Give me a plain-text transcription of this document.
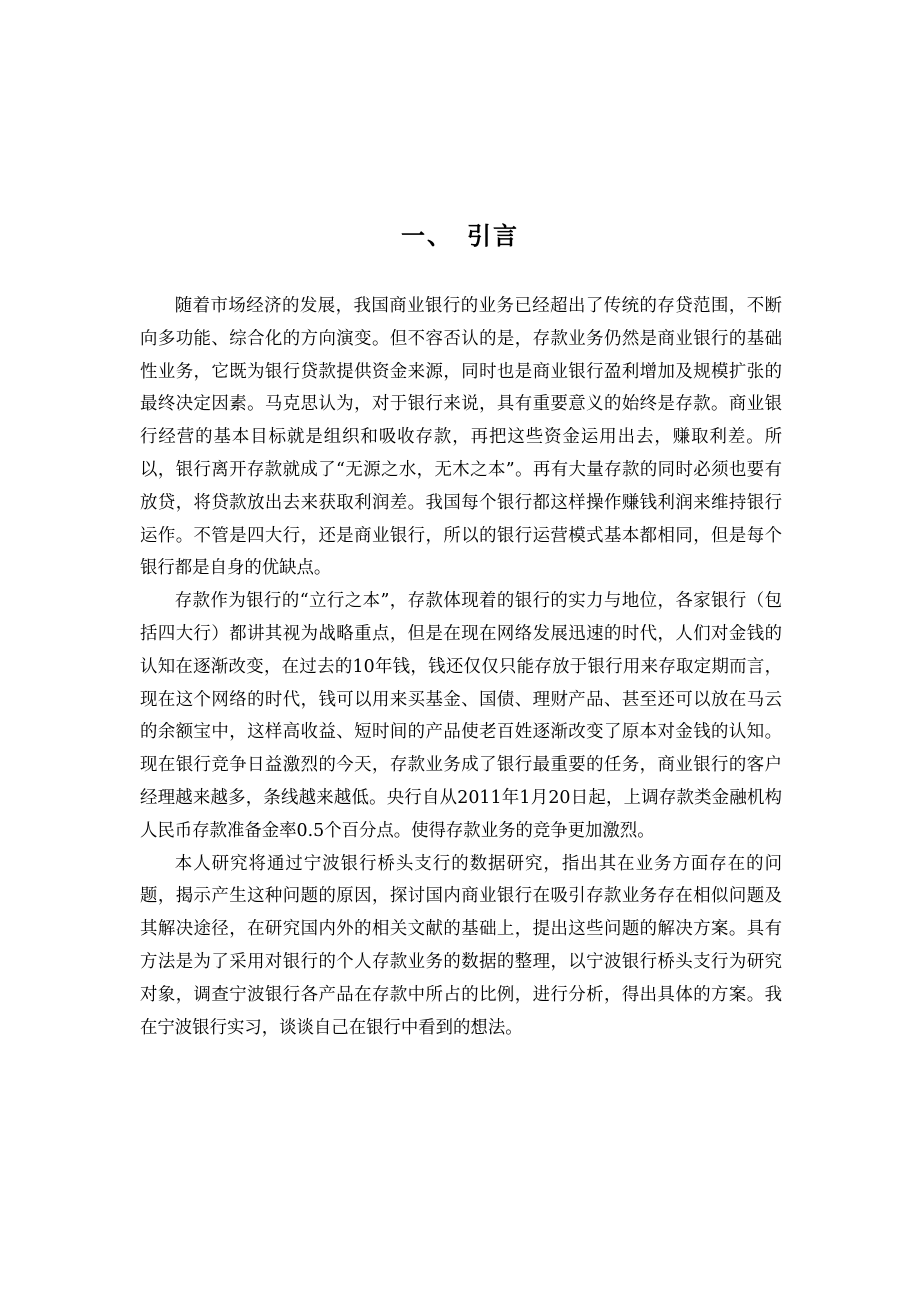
一、 引言

随着市场经济的发展，我国商业银行的业务已经超出了传统的存贷范围，不断向多功能、综合化的方向演变。但不容否认的是，存款业务仍然是商业银行的基础性业务，它既为银行贷款提供资金来源，同时也是商业银行盈利增加及规模扩张的最终决定因素。马克思认为，对于银行来说，具有重要意义的始终是存款。商业银行经营的基本目标就是组织和吸收存款，再把这些资金运用出去，赚取利差。所以，银行离开存款就成了“无源之水，无木之本”。再有大量存款的同时必须也要有放贷，将贷款放出去来获取利润差。我国每个银行都这样操作赚钱利润来维持银行运作。不管是四大行，还是商业银行，所以的银行运营模式基本都相同，但是每个银行都是自身的优缺点。

存款作为银行的“立行之本”，存款体现着的银行的实力与地位，各家银行（包括四大行）都讲其视为战略重点，但是在现在网络发展迅速的时代，人们对金钱的认知在逐渐改变，在过去的10年钱，钱还仅仅只能存放于银行用来存取定期而言，现在这个网络的时代，钱可以用来买基金、国债、理财产品、甚至还可以放在马云的余额宝中，这样高收益、短时间的产品使老百姓逐渐改变了原本对金钱的认知。现在银行竞争日益激烈的今天，存款业务成了银行最重要的任务，商业银行的客户经理越来越多，条线越来越低。央行自从2011年1月20日起，上调存款类金融机构人民币存款准备金率0.5个百分点。使得存款业务的竞争更加激烈。

本人研究将通过宁波银行桥头支行的数据研究，指出其在业务方面存在的问题，揭示产生这种问题的原因，探讨国内商业银行在吸引存款业务存在相似问题及其解决途径，在研究国内外的相关文献的基础上，提出这些问题的解决方案。具有方法是为了采用对银行的个人存款业务的数据的整理，以宁波银行桥头支行为研究对象，调查宁波银行各产品在存款中所占的比例，进行分析，得出具体的方案。我在宁波银行实习，谈谈自己在银行中看到的想法。
